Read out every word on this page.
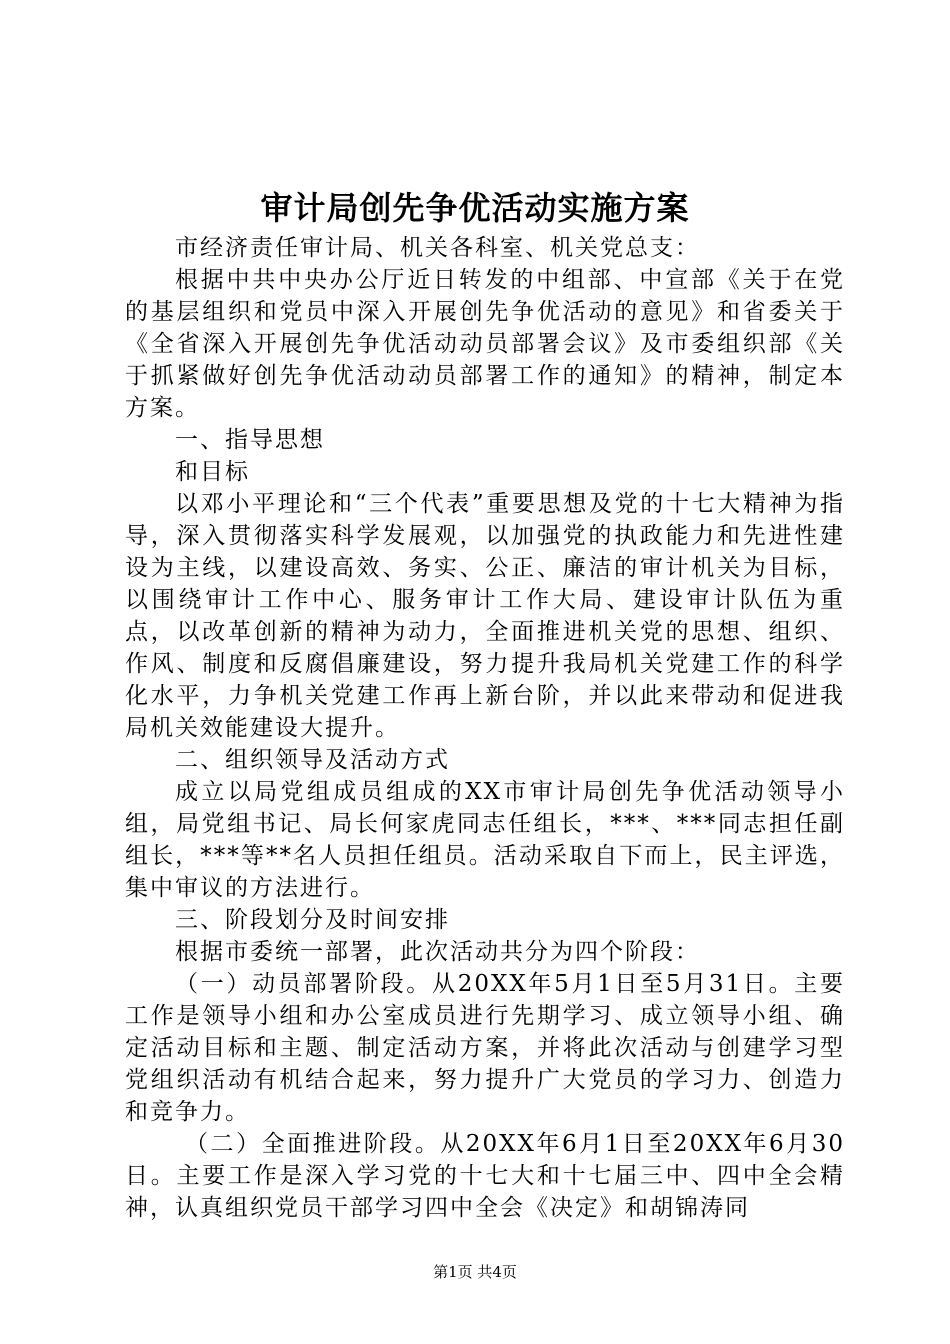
审计局创先争优活动实施方案

市经济责任审计局、机关各科室、机关党总支：

根据中共中央办公厅近日转发的中组部、中宣部《关于在党的基层组织和党员中深入开展创先争优活动的意见》和省委关于《全省深入开展创先争优活动动员部署会议》及市委组织部《关于抓紧做好创先争优活动动员部署工作的通知》的精神，制定本方案。

一、指导思想

和目标

以邓小平理论和“三个代表”重要思想及党的十七大精神为指导，深入贯彻落实科学发展观，以加强党的执政能力和先进性建设为主线，以建设高效、务实、公正、廉洁的审计机关为目标，以围绕审计工作中心、服务审计工作大局、建设审计队伍为重点，以改革创新的精神为动力，全面推进机关党的思想、组织、作风、制度和反腐倡廉建设，努力提升我局机关党建工作的科学化水平，力争机关党建工作再上新台阶，并以此来带动和促进我局机关效能建设大提升。

二、组织领导及活动方式

成立以局党组成员组成的XX市审计局创先争优活动领导小组，局党组书记、局长何家虎同志任组长，***、***同志担任副组长，***等**名人员担任组员。活动采取自下而上，民主评选，集中审议的方法进行。

三、阶段划分及时间安排

根据市委统一部署，此次活动共分为四个阶段：

（一）动员部署阶段。从20XX年5月1日至5月31日。主要工作是领导小组和办公室成员进行先期学习、成立领导小组、确定活动目标和主题、制定活动方案，并将此次活动与创建学习型党组织活动有机结合起来，努力提升广大党员的学习力、创造力和竞争力。

（二）全面推进阶段。从20XX年6月1日至20XX年6月30日。主要工作是深入学习党的十七大和十七届三中、四中全会精神，认真组织党员干部学习四中全会《决定》和胡锦涛同

第1页 共4页
